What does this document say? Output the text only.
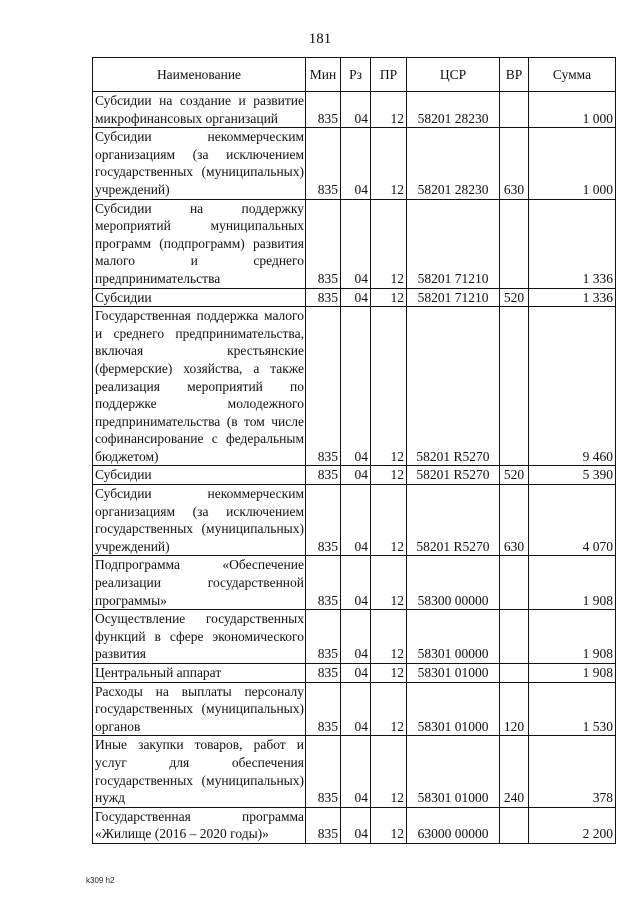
181
Наименование	Мин	Рз	ПР	ЦСР	ВР	Сумма
Субсидии на создание и развитие микрофинансовых организаций	835	04	12	58201 28230		1 000
Субсидии некоммерческим организациям (за исключением государственных (муниципальных) учреждений)	835	04	12	58201 28230	630	1 000
Субсидии на поддержку мероприятий муниципальных программ (подпрограмм) развития малого и среднего предпринимательства	835	04	12	58201 71210		1 336
Субсидии	835	04	12	58201 71210	520	1 336
Государственная поддержка малого и среднего предпринимательства, включая крестьянские (фермерские) хозяйства, а также реализация мероприятий по поддержке молодежного предпринимательства (в том числе софинансирование с федеральным бюджетом)	835	04	12	58201 R5270		9 460
Субсидии	835	04	12	58201 R5270	520	5 390
Субсидии некоммерческим организациям (за исключением государственных (муниципальных) учреждений)	835	04	12	58201 R5270	630	4 070
Подпрограмма «Обеспечение реализации государственной программы»	835	04	12	58300 00000		1 908
Осуществление государственных функций в сфере экономического развития	835	04	12	58301 00000		1 908
Центральный аппарат	835	04	12	58301 01000		1 908
Расходы на выплаты персоналу государственных (муниципальных) органов	835	04	12	58301 01000	120	1 530
Иные закупки товаров, работ и услуг для обеспечения государственных (муниципальных) нужд	835	04	12	58301 01000	240	378
Государственная программа «Жилище (2016 – 2020 годы)»	835	04	12	63000 00000		2 200
k309 h2
